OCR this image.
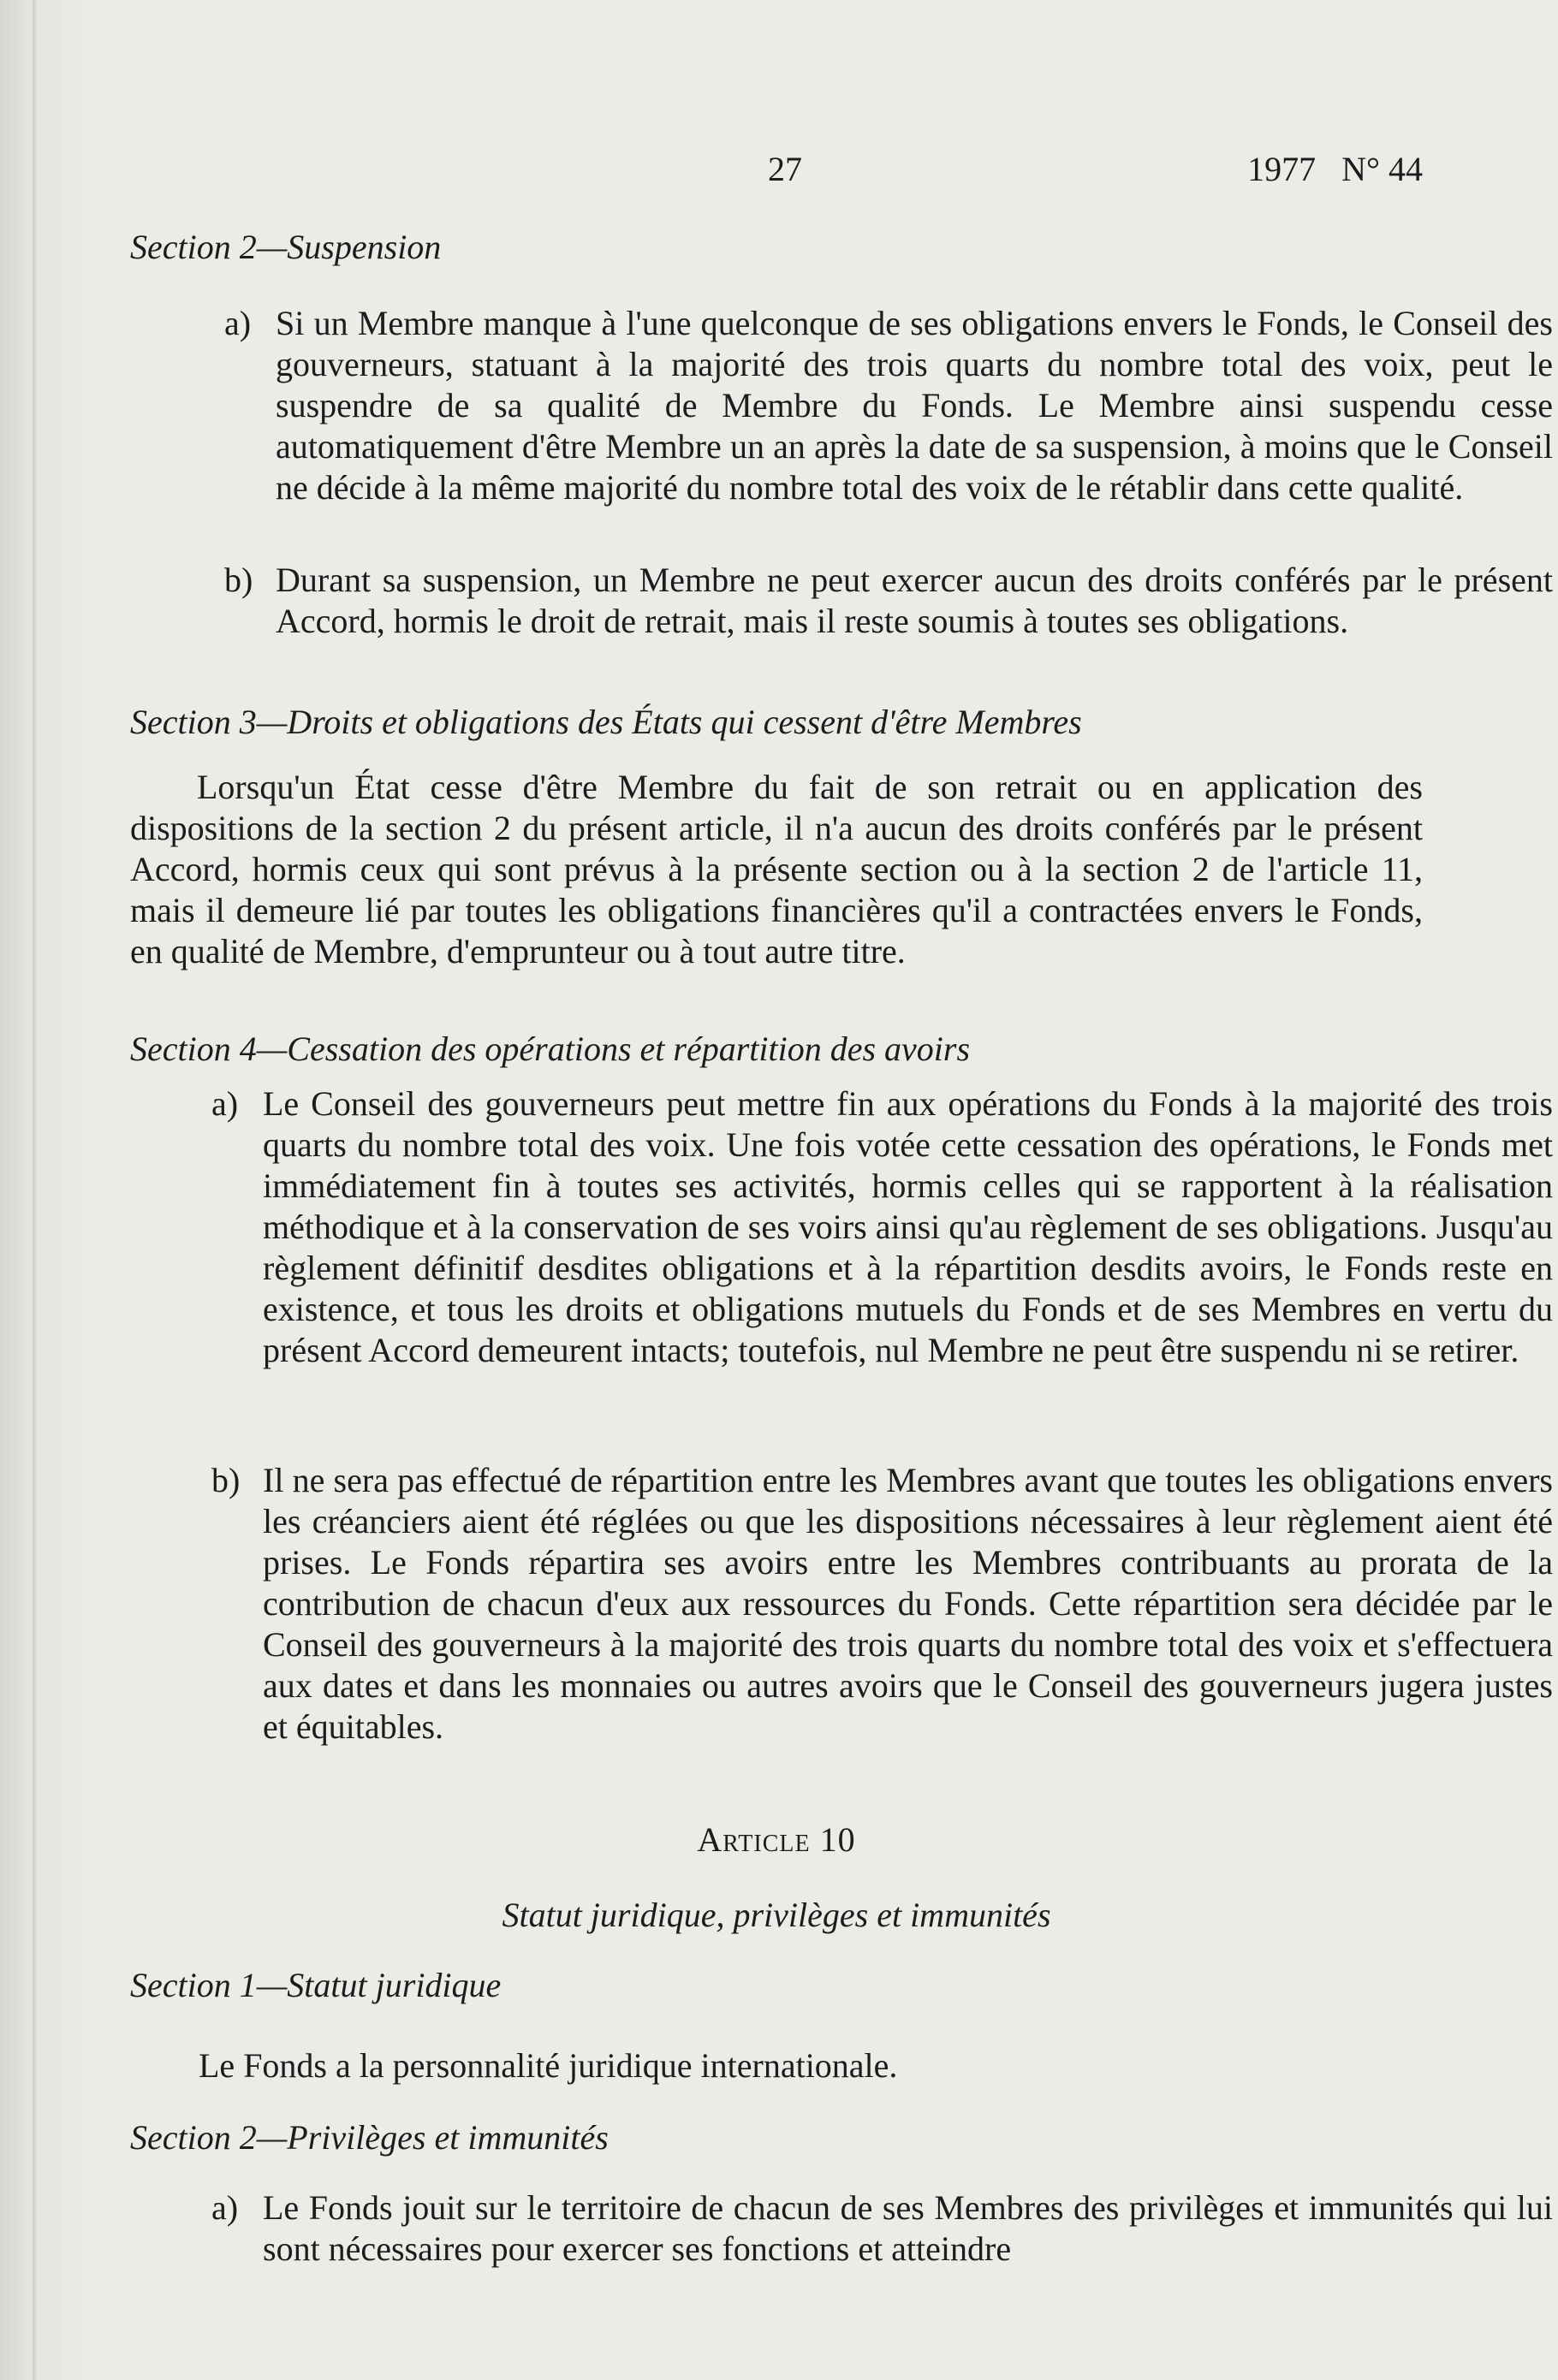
27	1977   N° 44
Section 2—Suspension
a) Si un Membre manque à l'une quelconque de ses obligations envers le Fonds, le Conseil des gouverneurs, statuant à la majorité des trois quarts du nombre total des voix, peut le suspendre de sa qualité de Membre du Fonds. Le Membre ainsi suspendu cesse automatiquement d'être Membre un an après la date de sa suspension, à moins que le Conseil ne décide à la même majorité du nombre total des voix de le rétablir dans cette qualité.
b) Durant sa suspension, un Membre ne peut exercer aucun des droits conférés par le présent Accord, hormis le droit de retrait, mais il reste soumis à toutes ses obligations.
Section 3—Droits et obligations des États qui cessent d'être Membres
Lorsqu'un État cesse d'être Membre du fait de son retrait ou en application des dispositions de la section 2 du présent article, il n'a aucun des droits conférés par le présent Accord, hormis ceux qui sont prévus à la présente section ou à la section 2 de l'article 11, mais il demeure lié par toutes les obligations financières qu'il a contractées envers le Fonds, en qualité de Membre, d'emprunteur ou à tout autre titre.
Section 4—Cessation des opérations et répartition des avoirs
a) Le Conseil des gouverneurs peut mettre fin aux opérations du Fonds à la majorité des trois quarts du nombre total des voix. Une fois votée cette cessation des opérations, le Fonds met immédiatement fin à toutes ses activités, hormis celles qui se rapportent à la réalisation méthodique et à la conservation de ses voirs ainsi qu'au règlement de ses obligations. Jusqu'au règlement définitif desdites obligations et à la répartition desdits avoirs, le Fonds reste en existence, et tous les droits et obligations mutuels du Fonds et de ses Membres en vertu du présent Accord demeurent intacts; toutefois, nul Membre ne peut être suspendu ni se retirer.
b) Il ne sera pas effectué de répartition entre les Membres avant que toutes les obligations envers les créanciers aient été réglées ou que les dispositions nécessaires à leur règlement aient été prises. Le Fonds répartira ses avoirs entre les Membres contribuants au prorata de la contribution de chacun d'eux aux ressources du Fonds. Cette répartition sera décidée par le Conseil des gouverneurs à la majorité des trois quarts du nombre total des voix et s'effectuera aux dates et dans les monnaies ou autres avoirs que le Conseil des gouverneurs jugera justes et équitables.
Article 10
Statut juridique, privilèges et immunités
Section 1—Statut juridique
Le Fonds a la personnalité juridique internationale.
Section 2—Privilèges et immunités
a) Le Fonds jouit sur le territoire de chacun de ses Membres des privilèges et immunités qui lui sont nécessaires pour exercer ses fonctions et atteindre
